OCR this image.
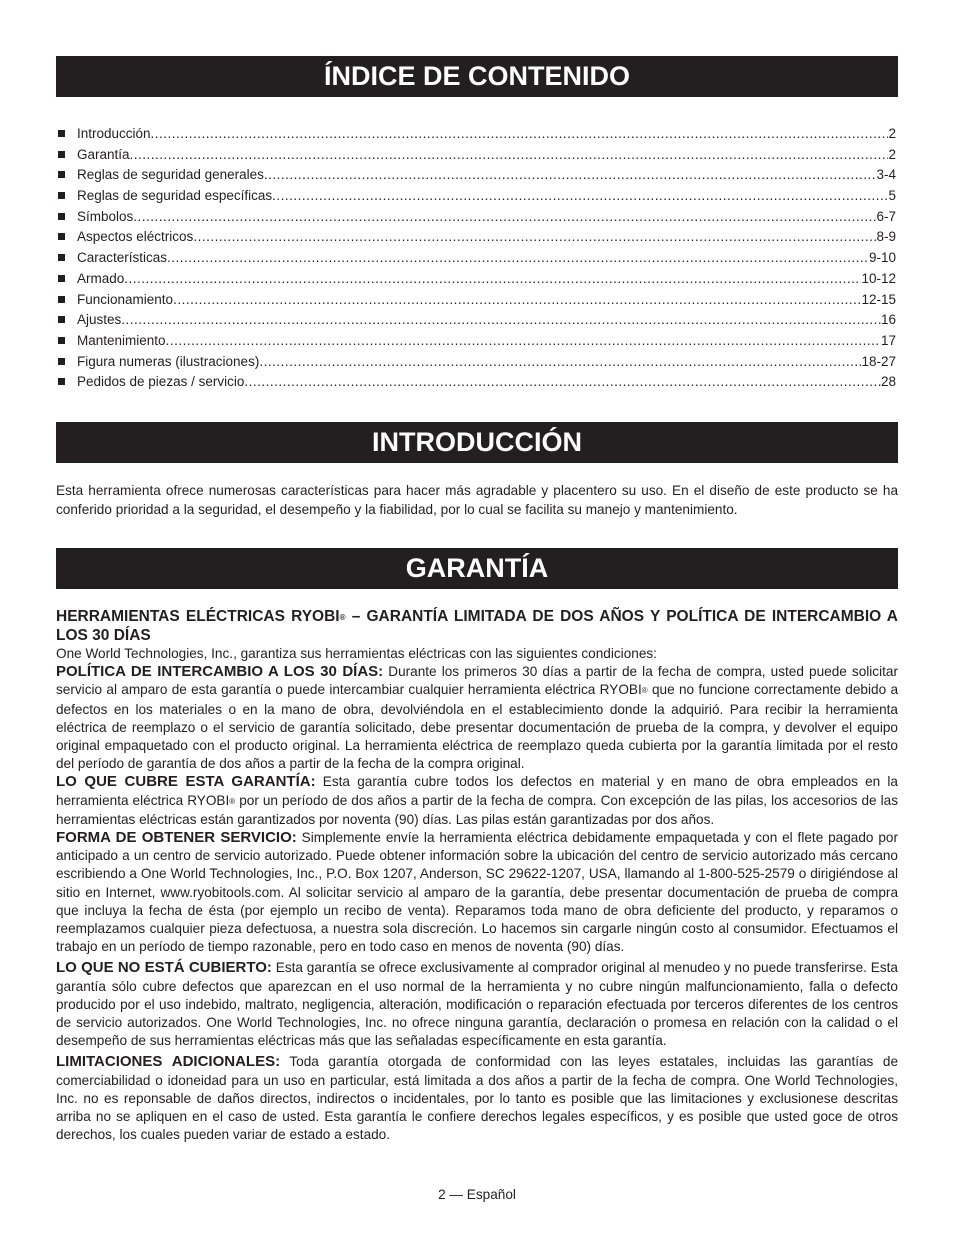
ÍNDICE DE CONTENIDO
Introducción .....	2
Garantía .....	2
Reglas de seguridad generales .....	3-4
Reglas de seguridad específicas .....	5
Símbolos .....	6-7
Aspectos eléctricos .....	8-9
Características .....	9-10
Armado .....	10-12
Funcionamiento .....	12-15
Ajustes .....	16
Mantenimiento .....	17
Figura numeras (ilustraciones) .....	18-27
Pedidos de piezas / servicio .....	28
INTRODUCCIÓN

Esta herramienta ofrece numerosas características para hacer más agradable y placentero su uso. En el diseño de este producto se ha conferido prioridad a la seguridad, el desempeño y la fiabilidad, por lo cual se facilita su manejo y mantenimiento.

GARANTÍA

HERRAMIENTAS ELÉCTRICAS RYOBI® – GARANTÍA LIMITADA DE DOS AÑOS Y POLÍTICA DE INTERCAMBIO A LOS 30 DÍAS

One World Technologies, Inc., garantiza sus herramientas eléctricas con las siguientes condiciones:

POLÍTICA DE INTERCAMBIO A LOS 30 DÍAS: Durante los primeros 30 días a partir de la fecha de compra, usted puede solicitar servicio al amparo de esta garantía o puede intercambiar cualquier herramienta eléctrica RYOBI® que no funcione correctamente debido a defectos en los materiales o en la mano de obra, devolviéndola en el establecimiento donde la adquirió. Para recibir la herramienta eléctrica de reemplazo o el servicio de garantía solicitado, debe presentar documentación de prueba de la compra, y devolver el equipo original empaquetado con el producto original. La herramienta eléctrica de reemplazo queda cubierta por la garantía limitada por el resto del período de garantía de dos años a partir de la fecha de la compra original.

LO QUE CUBRE ESTA GARANTÍA: Esta garantía cubre todos los defectos en material y en mano de obra empleados en la herramienta eléctrica RYOBI® por un período de dos años a partir de la fecha de compra. Con excepción de las pilas, los accesorios de las herramientas eléctricas están garantizados por noventa (90) días. Las pilas están garantizadas por dos años.

FORMA DE OBTENER SERVICIO: Simplemente envíe la herramienta eléctrica debidamente empaquetada y con el flete pagado por anticipado a un centro de servicio autorizado. Puede obtener información sobre la ubicación del centro de servicio autorizado más cercano escribiendo a One World Technologies, Inc., P.O. Box 1207, Anderson, SC 29622-1207, USA, llamando al 1-800-525-2579 o dirigiéndose al sitio en Internet, www.ryobitools.com. Al solicitar servicio al amparo de la garantía, debe presentar documentación de prueba de compra que incluya la fecha de ésta (por ejemplo un recibo de venta). Reparamos toda mano de obra deficiente del producto, y reparamos o reemplazamos cualquier pieza defectuosa, a nuestra sola discreción. Lo hacemos sin cargarle ningún costo al consumidor. Efectuamos el trabajo en un período de tiempo razonable, pero en todo caso en menos de noventa (90) días.

LO QUE NO ESTÁ CUBIERTO: Esta garantía se ofrece exclusivamente al comprador original al menudeo y no puede transferirse. Esta garantía sólo cubre defectos que aparezcan en el uso normal de la herramienta y no cubre ningún malfuncionamiento, falla o defecto producido por el uso indebido, maltrato, negligencia, alteración, modificación o reparación efectuada por terceros diferentes de los centros de servicio autorizados. One World Technologies, Inc. no ofrece ninguna garantía, declaración o promesa en relación con la calidad o el desempeño de sus herramientas eléctricas más que las señaladas específicamente en esta garantía.

LIMITACIONES ADICIONALES: Toda garantía otorgada de conformidad con las leyes estatales, incluidas las garantías de comerciabilidad o idoneidad para un uso en particular, está limitada a dos años a partir de la fecha de compra. One World Technologies, Inc. no es reponsable de daños directos, indirectos o incidentales, por lo tanto es posible que las limitaciones y exclusionese descritas arriba no se apliquen en el caso de usted. Esta garantía le confiere derechos legales específicos, y es posible que usted goce de otros derechos, los cuales pueden variar de estado a estado.

2 — Español
